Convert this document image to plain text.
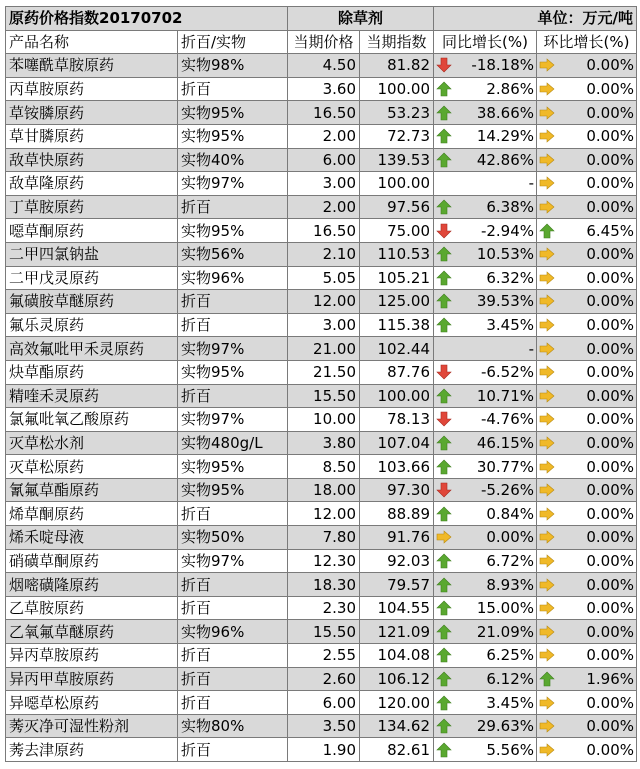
原药价格指数20170702		除草剂		单位：万元/吨	
产品名称	折百/实物	当期价格	当期指数	同比增长(%)	环比增长(%)
苯噻酰草胺原药	实物98%	4.50	81.82	-18.18%	0.00%

丙草胺原药	折百	3.60	100.00	2.86%	0.00%

草铵膦原药	实物95%	16.50	53.23	38.66%	0.00%

草甘膦原药	实物95%	2.00	72.73	14.29%	0.00%

敌草快原药	实物40%	6.00	139.53	42.86%	0.00%

敌草隆原药	实物97%	3.00	100.00	-	0.00%

丁草胺原药	折百	2.00	97.56	6.38%	0.00%

噁草酮原药	实物95%	16.50	75.00	-2.94%	6.45%

二甲四氯钠盐	实物56%	2.10	110.53	10.53%	0.00%

二甲戊灵原药	实物96%	5.05	105.21	6.32%	0.00%

氟磺胺草醚原药	折百	12.00	125.00	39.53%	0.00%

氟乐灵原药	折百	3.00	115.38	3.45%	0.00%

高效氟吡甲禾灵原药	实物97%	21.00	102.44	-	0.00%

炔草酯原药	实物95%	21.50	87.76	-6.52%	0.00%

精喹禾灵原药	折百	15.50	100.00	10.71%	0.00%

氯氟吡氧乙酸原药	实物97%	10.00	78.13	-4.76%	0.00%

灭草松水剂	实物480g/L	3.80	107.04	46.15%	0.00%

灭草松原药	实物95%	8.50	103.66	30.77%	0.00%

氰氟草酯原药	实物95%	18.00	97.30	-5.26%	0.00%

烯草酮原药	折百	12.00	88.89	0.84%	0.00%

烯禾啶母液	实物50%	7.80	91.76	0.00%	0.00%

硝磺草酮原药	实物97%	12.30	92.03	6.72%	0.00%

烟嘧磺隆原药	折百	18.30	79.57	8.93%	0.00%

乙草胺原药	折百	2.30	104.55	15.00%	0.00%

乙氧氟草醚原药	实物96%	15.50	121.09	21.09%	0.00%

异丙草胺原药	折百	2.55	104.08	6.25%	0.00%

异丙甲草胺原药	折百	2.60	106.12	6.12%	1.96%

异噁草松原药	折百	6.00	120.00	3.45%	0.00%

莠灭净可湿性粉剂	实物80%	3.50	134.62	29.63%	0.00%

莠去津原药	折百	1.90	82.61	5.56%	0.00%
